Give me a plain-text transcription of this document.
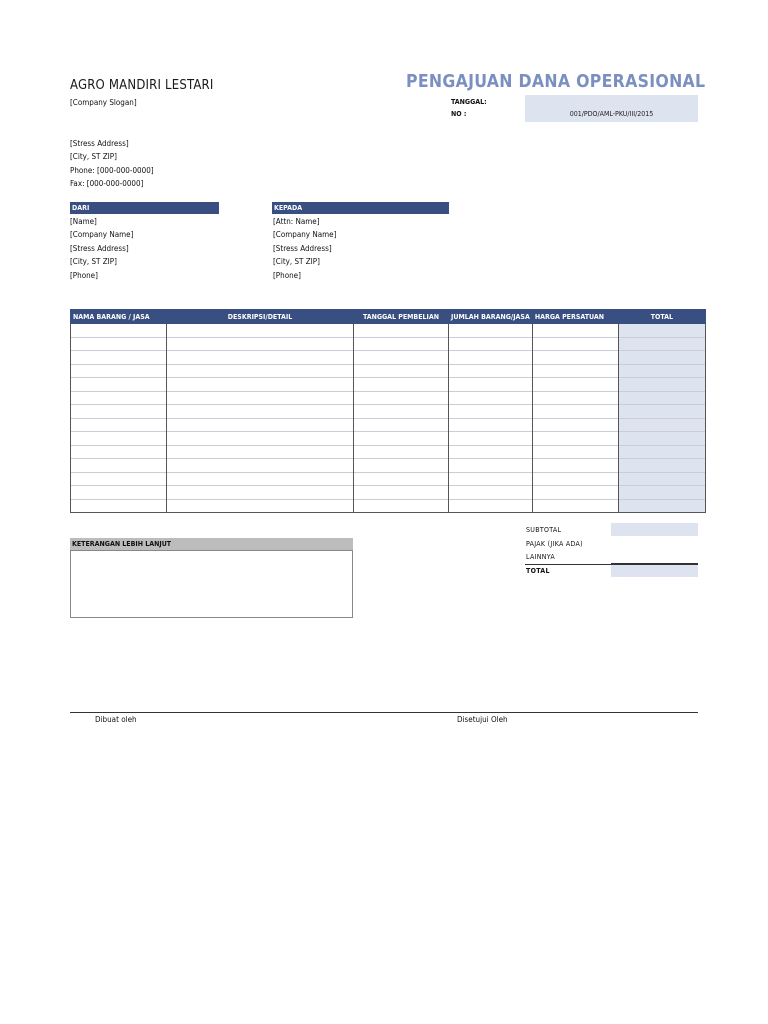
AGRO MANDIRI LESTARI
[Company Slogan]
[Stress Address]
[City, ST ZIP]
Phone: [000-000-0000]
Fax: [000-000-0000]
PENGAJUAN DANA OPERASIONAL
TANGGAL:
NO :	001/PDO/AML-PKU/III/2015
DARI
[Name]
[Company Name]
[Stress Address]
[City, ST ZIP]
[Phone]
KEPADA
[Attn: Name]
[Company Name]
[Stress Address]
[City, ST ZIP]
[Phone]
NAMA BARANG / JASA	DESKRIPSI/DETAIL	TANGGAL PEMBELIAN	JUMLAH BARANG/JASA	HARGA PERSATUAN	TOTAL

SUBTOTAL
PAJAK (JIKA ADA)
LAINNYA
TOTAL
KETERANGAN LEBIH LANJUT
Dibuat oleh	Disetujui Oleh
